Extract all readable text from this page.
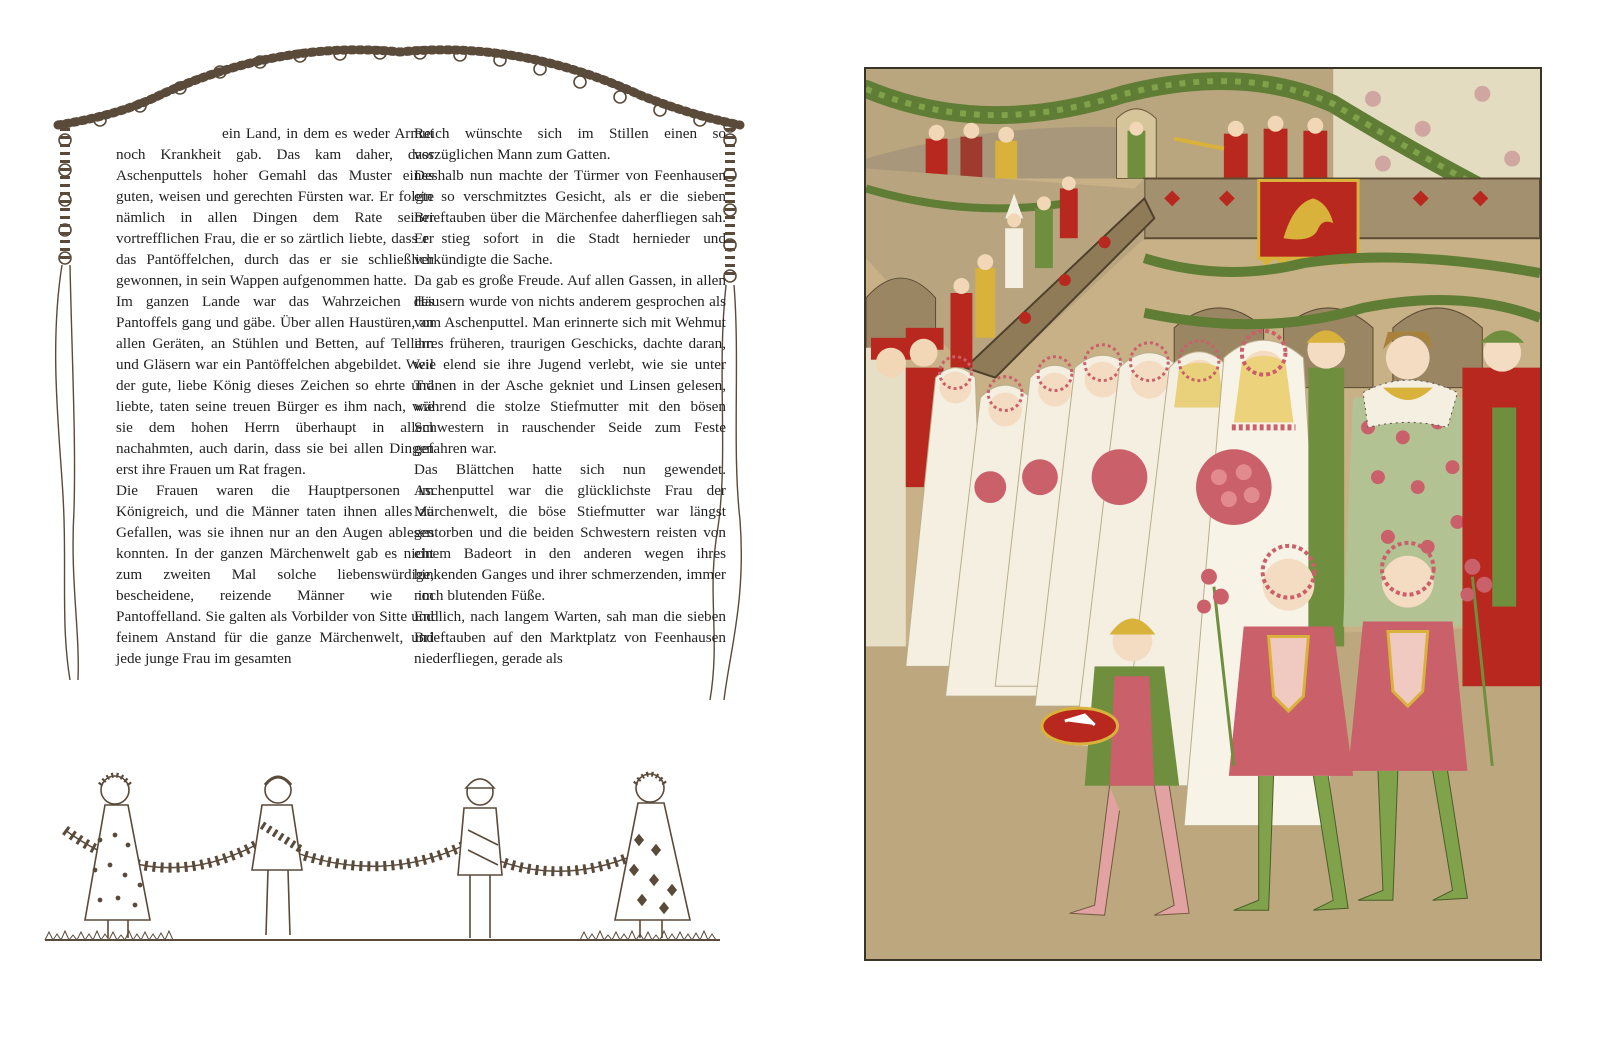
ein Land, in dem es weder Armut noch Krankheit gab. Das kam daher, dass Aschenputtels hoher Gemahl das Muster eines guten, weisen und gerechten Fürsten war. Er folgte nämlich in allen Dingen dem Rate seiner vortrefflichen Frau, die er so zärtlich liebte, dass er das Pantöffelchen, durch das er sie schließlich gewonnen, in sein Wappen aufgenommen hatte.

Im ganzen Lande war das Wahrzeichen des Pantoffels gang und gäbe. Über allen Haustüren, an allen Geräten, an Stühlen und Betten, auf Tellern und Gläsern war ein Pantöffelchen abgebildet. Weil der gute, liebe König dieses Zeichen so ehrte und liebte, taten seine treuen Bürger es ihm nach, wie sie dem hohen Herrn überhaupt in allem nachahmten, auch darin, dass sie bei allen Dingen erst ihre Frauen um Rat fragen.

Die Frauen waren die Hauptpersonen im Königreich, und die Männer taten ihnen alles zu Gefallen, was sie ihnen nur an den Augen ablesen konnten. In der ganzen Märchenwelt gab es nicht zum zweiten Mal solche liebenswürdige, bescheidene, reizende Männer wie im Pantoffelland. Sie galten als Vorbilder von Sitte und feinem Anstand für die ganze Märchenwelt, und jede junge Frau im gesamten

Reich wünschte sich im Stillen einen so vorzüglichen Mann zum Gatten.

Deshalb nun machte der Türmer von Feenhausen ein so verschmitztes Gesicht, als er die sieben Brieftauben über die Märchenfee daherfliegen sah. Er stieg sofort in die Stadt hernieder und verkündigte die Sache.

Da gab es große Freude. Auf allen Gassen, in allen Häusern wurde von nichts anderem gesprochen als vom Aschenputtel. Man erinnerte sich mit Wehmut ihres früheren, traurigen Geschicks, dachte daran, wie elend sie ihre Jugend verlebt, wie sie unter Tränen in der Asche gekniet und Linsen gelesen, während die stolze Stiefmutter mit den bösen Schwestern in rauschender Seide zum Feste gefahren war.

Das Blättchen hatte sich nun gewendet. Aschenputtel war die glücklichste Frau der Märchenwelt, die böse Stiefmutter war längst gestorben und die beiden Schwestern reisten von einem Badeort in den anderen wegen ihres hinkenden Ganges und ihrer schmerzenden, immer noch blutenden Füße.

Endlich, nach langem Warten, sah man die sieben Brieftauben auf den Marktplatz von Feenhausen niederfliegen, gerade als
